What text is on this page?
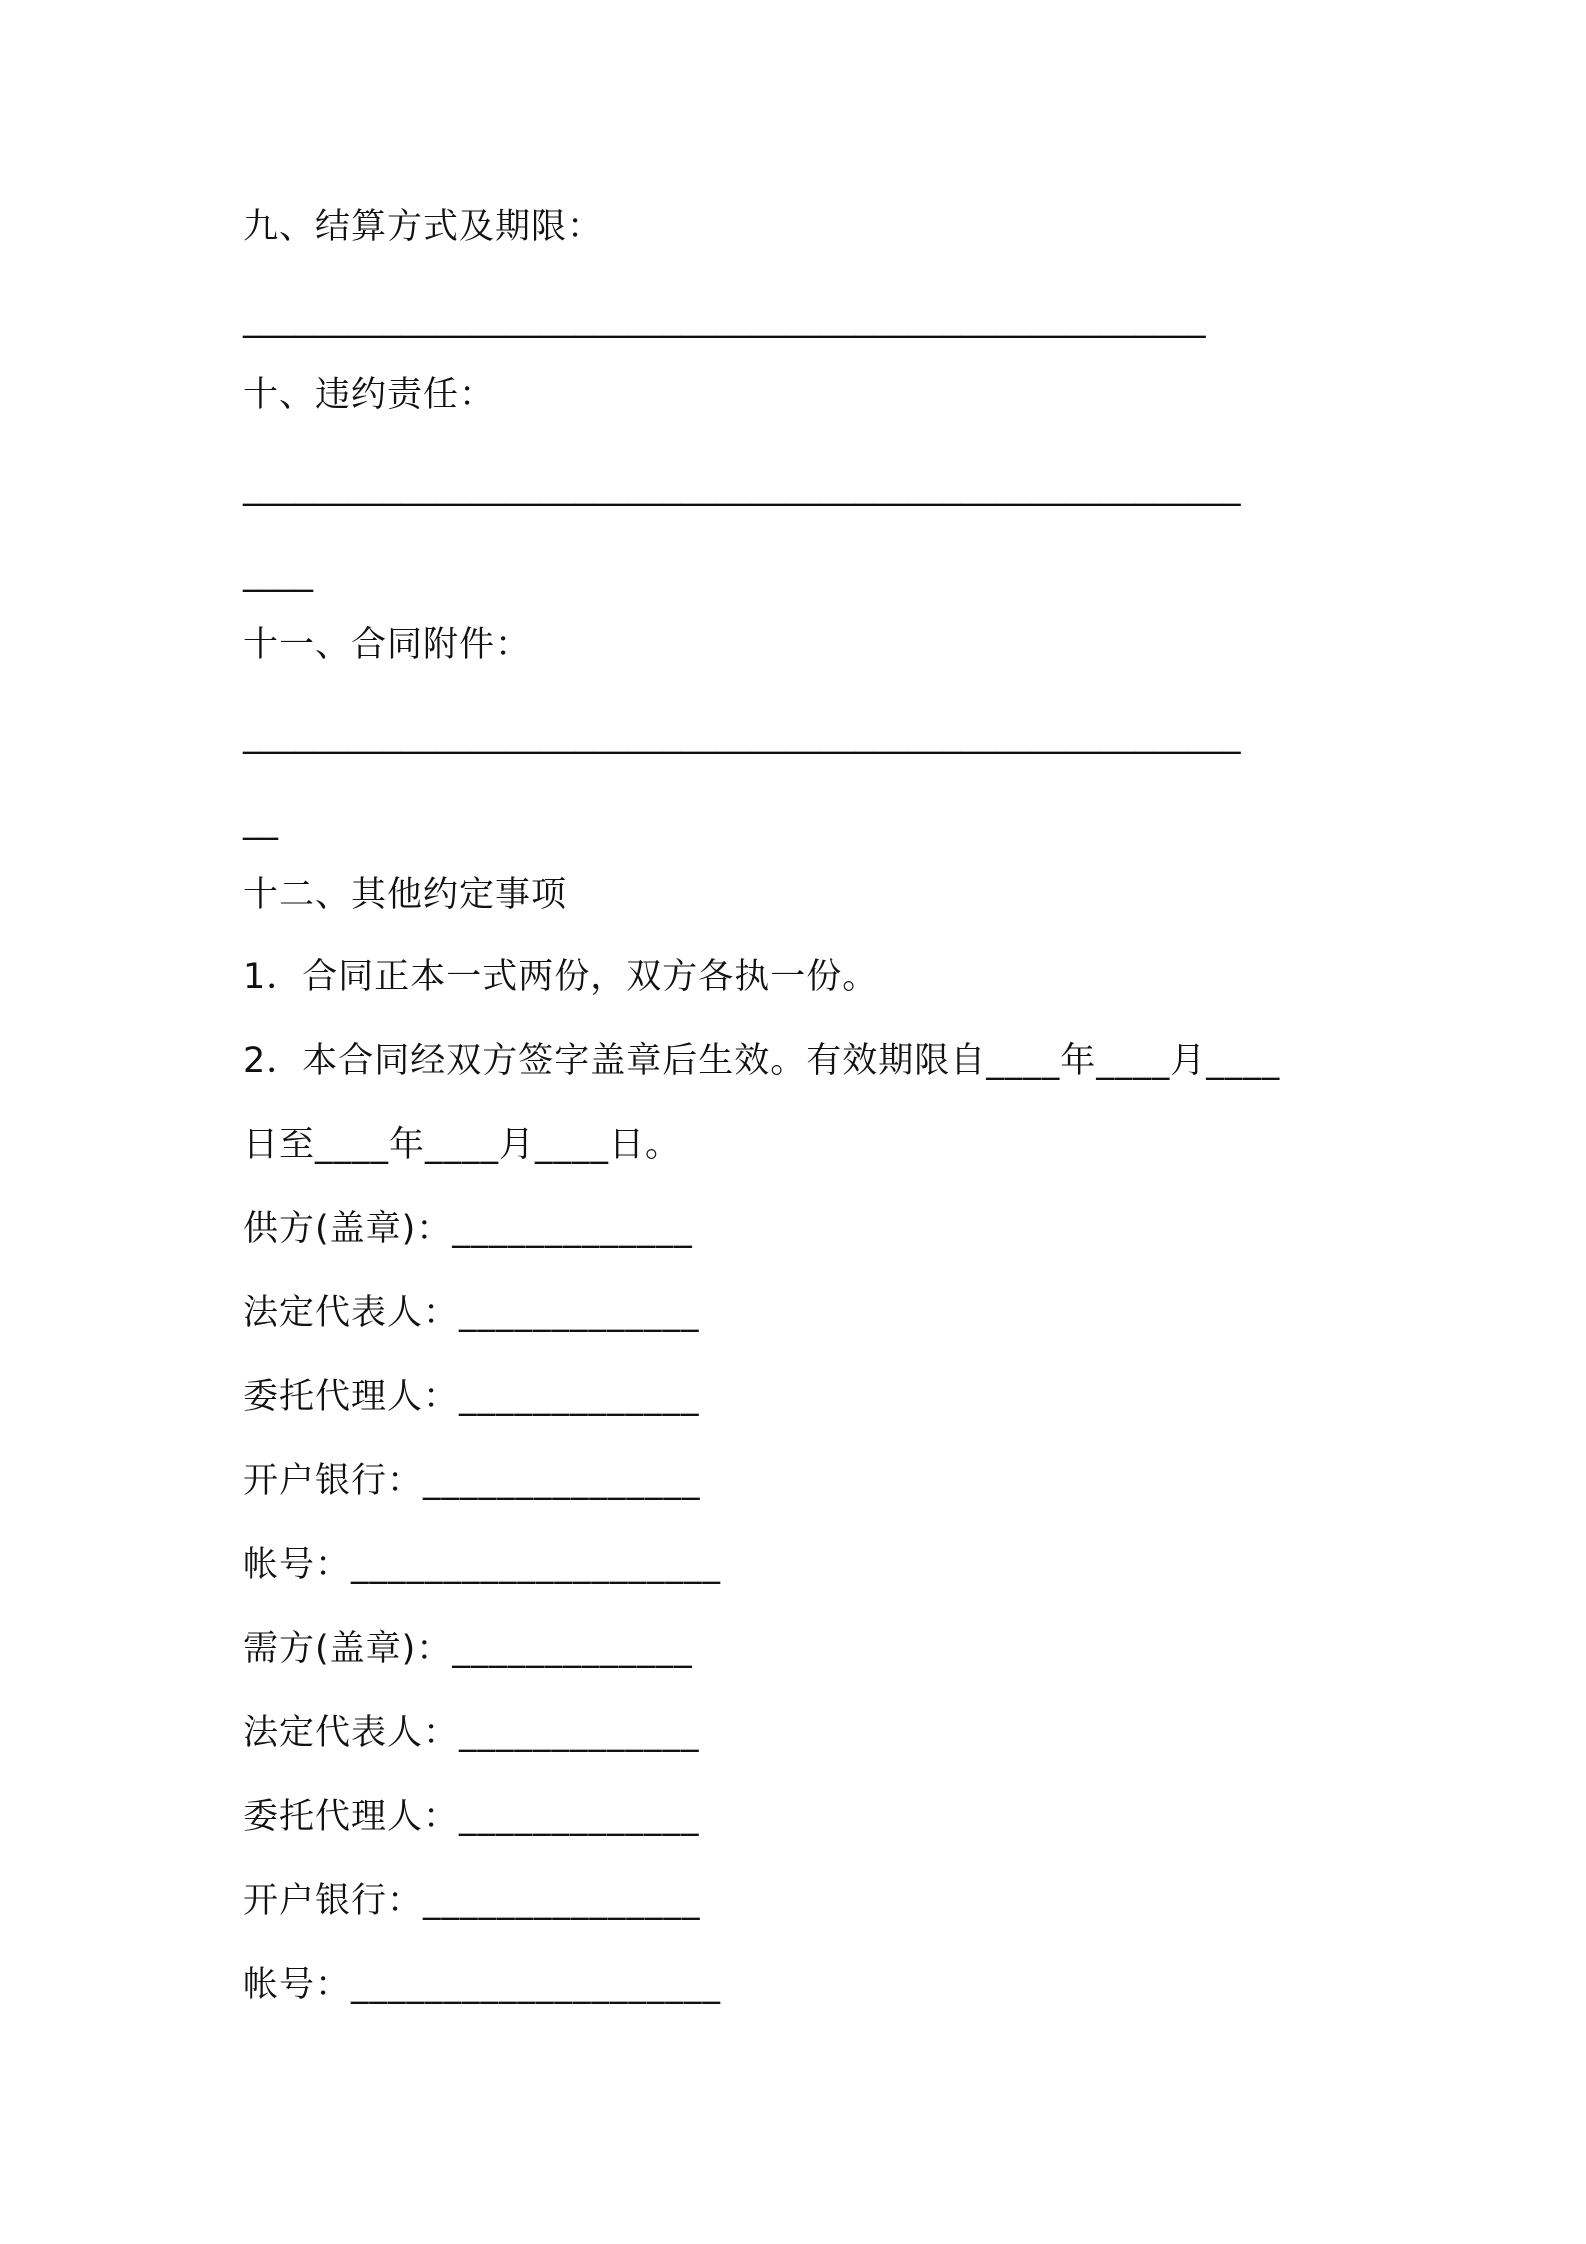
九、结算方式及期限：
_______________________________________________________
十、违约责任：
_________________________________________________________
____
十一、合同附件：
_________________________________________________________
__
十二、其他约定事项
1．合同正本一式两份，双方各执一份。
2．本合同经双方签字盖章后生效。有效期限自____年____月____
日至____年____月____日。
供方(盖章)：_____________
法定代表人：_____________
委托代理人：_____________
开户银行：_______________
帐号：____________________
需方(盖章)：_____________
法定代表人：_____________
委托代理人：_____________
开户银行：_______________
帐号：____________________
